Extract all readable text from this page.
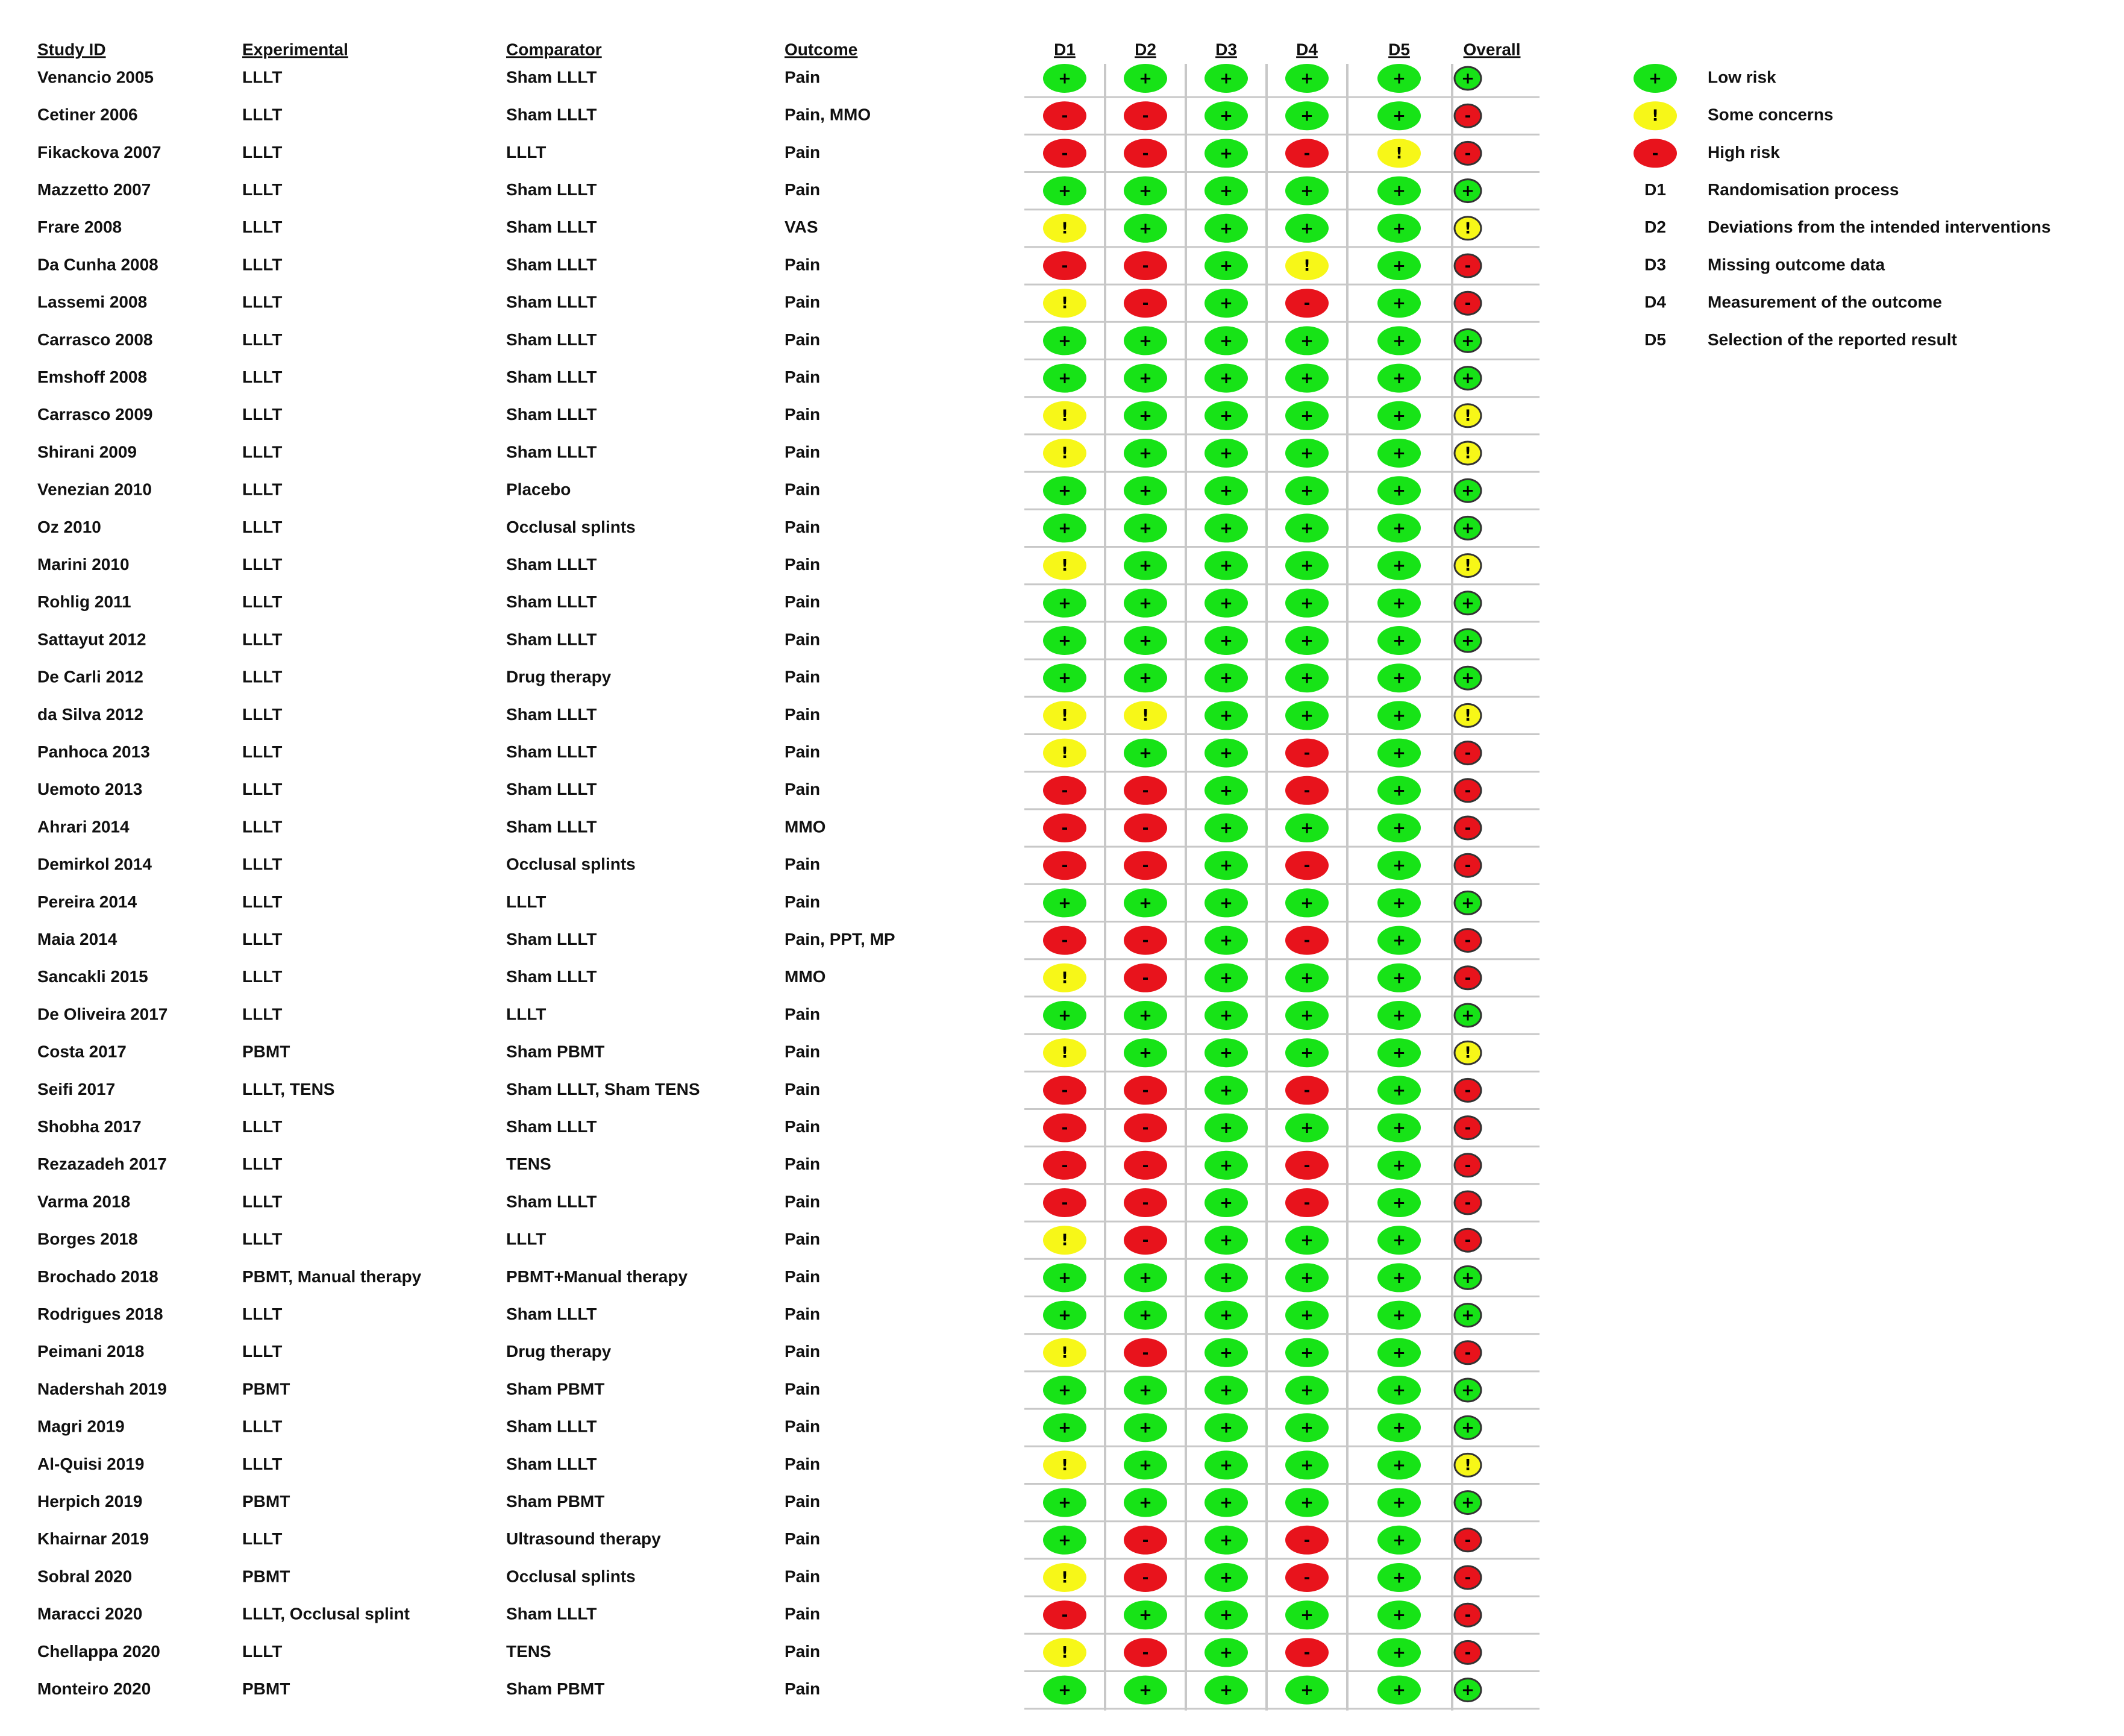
Study ID	Experimental	Comparator	Outcome	D1	D2	D3	D4	D5	Overall
Venancio 2005	LLLT	Sham LLLT	Pain	+	+	+	+	+	+
Cetiner 2006	LLLT	Sham LLLT	Pain, MMO	-	-	+	+	+	-
Fikackova 2007	LLLT	LLLT	Pain	-	-	+	-	!	-
Mazzetto 2007	LLLT	Sham LLLT	Pain	+	+	+	+	+	+
Frare 2008	LLLT	Sham LLLT	VAS	!	+	+	+	+	!
Da Cunha 2008	LLLT	Sham LLLT	Pain	-	-	+	!	+	-
Lassemi 2008	LLLT	Sham LLLT	Pain	!	-	+	-	+	-
Carrasco 2008	LLLT	Sham LLLT	Pain	+	+	+	+	+	+
Emshoff 2008	LLLT	Sham LLLT	Pain	+	+	+	+	+	+
Carrasco 2009	LLLT	Sham LLLT	Pain	!	+	+	+	+	!
Shirani 2009	LLLT	Sham LLLT	Pain	!	+	+	+	+	!
Venezian 2010	LLLT	Placebo	Pain	+	+	+	+	+	+
Oz 2010	LLLT	Occlusal splints	Pain	+	+	+	+	+	+
Marini 2010	LLLT	Sham LLLT	Pain	!	+	+	+	+	!
Rohlig 2011	LLLT	Sham LLLT	Pain	+	+	+	+	+	+
Sattayut 2012	LLLT	Sham LLLT	Pain	+	+	+	+	+	+
De Carli 2012	LLLT	Drug therapy	Pain	+	+	+	+	+	+
da Silva 2012	LLLT	Sham LLLT	Pain	!	!	+	+	+	!
Panhoca 2013	LLLT	Sham LLLT	Pain	!	+	+	-	+	-
Uemoto 2013	LLLT	Sham LLLT	Pain	-	-	+	-	+	-
Ahrari 2014	LLLT	Sham LLLT	MMO	-	-	+	+	+	-
Demirkol 2014	LLLT	Occlusal splints	Pain	-	-	+	-	+	-
Pereira 2014	LLLT	LLLT	Pain	+	+	+	+	+	+
Maia 2014	LLLT	Sham LLLT	Pain, PPT, MP	-	-	+	-	+	-
Sancakli 2015	LLLT	Sham LLLT	MMO	!	-	+	+	+	-
De Oliveira 2017	LLLT	LLLT	Pain	+	+	+	+	+	+
Costa 2017	PBMT	Sham PBMT	Pain	!	+	+	+	+	!
Seifi 2017	LLLT, TENS	Sham LLLT, Sham TENS	Pain	-	-	+	-	+	-
Shobha 2017	LLLT	Sham LLLT	Pain	-	-	+	+	+	-
Rezazadeh 2017	LLLT	TENS	Pain	-	-	+	-	+	-
Varma 2018	LLLT	Sham LLLT	Pain	-	-	+	-	+	-
Borges 2018	LLLT	LLLT	Pain	!	-	+	+	+	-
Brochado 2018	PBMT, Manual therapy	PBMT+Manual therapy	Pain	+	+	+	+	+	+
Rodrigues 2018	LLLT	Sham LLLT	Pain	+	+	+	+	+	+
Peimani 2018	LLLT	Drug therapy	Pain	!	-	+	+	+	-
Nadershah 2019	PBMT	Sham PBMT	Pain	+	+	+	+	+	+
Magri 2019	LLLT	Sham LLLT	Pain	+	+	+	+	+	+
Al-Quisi 2019	LLLT	Sham LLLT	Pain	!	+	+	+	+	!
Herpich 2019	PBMT	Sham PBMT	Pain	+	+	+	+	+	+
Khairnar 2019	LLLT	Ultrasound therapy	Pain	+	-	+	-	+	-
Sobral 2020	PBMT	Occlusal splints	Pain	!	-	+	-	+	-
Maracci 2020	LLLT, Occlusal splint	Sham LLLT	Pain	-	+	+	+	+	-
Chellappa 2020	LLLT	TENS	Pain	!	-	+	-	+	-
Monteiro 2020	PBMT	Sham PBMT	Pain	+	+	+	+	+	+
+	Low risk
!	Some concerns
-	High risk
D1 Randomisation process
D2 Deviations from the intended interventions
D3 Missing outcome data
D4 Measurement of the outcome
D5 Selection of the reported result
